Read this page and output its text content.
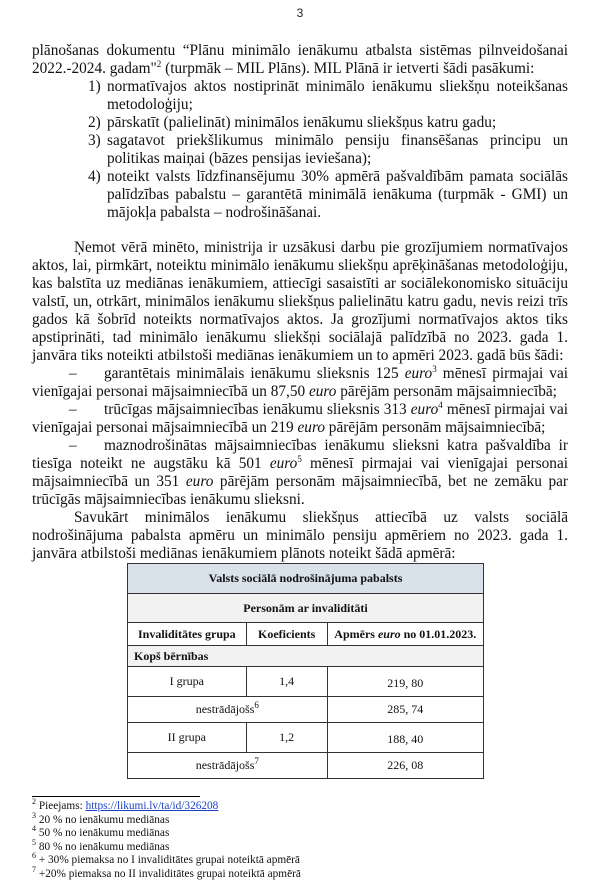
3

plānošanas dokumentu “Plānu minimālo ienākumu atbalsta sistēmas pilnveidošanai 2022.-2024. gadam"$^2$ (turpmāk – MIL Plāns). MIL Plānā ir ietverti šādi pasākumi:

1) normatīvajos aktos nostiprināt minimālo ienākumu sliekšņu noteikšanas metodoloģiju;
2) pārskatīt (palielināt) minimālos ienākumu sliekšņus katru gadu;
3) sagatavot priekšlikumus minimālo pensiju finansēšanas principu un politikas maiņai (bāzes pensijas ieviešana);
4) noteikt valsts līdzfinansējumu 30% apmērā pašvaldībām pamata sociālās palīdzības pabalstu – garantētā minimālā ienākuma (turpmāk - GMI) un mājokļa pabalsta – nodrošināšanai.

Ņemot vērā minēto, ministrija ir uzsākusi darbu pie grozījumiem normatīvajos aktos, lai, pirmkārt, noteiktu minimālo ienākumu sliekšņu aprēķināšanas metodoloģiju, kas balstīta uz mediānas ienākumiem, attiecīgi sasaistīti ar sociālekonomisko situāciju valstī, un, otrkārt, minimālos ienākumu sliekšņus palielinātu katru gadu, nevis reizi trīs gados kā šobrīd noteikts normatīvajos aktos. Ja grozījumi normatīvajos aktos tiks apstiprināti, tad minimālo ienākumu sliekšņi sociālajā palīdzībā no 2023. gada 1. janvāra tiks noteikti atbilstoši mediānas ienākumiem un to apmēri 2023. gadā būs šādi:

– garantētais minimālais ienākumu slieksnis 125 euro$^3$ mēnesī pirmajai vai vienīgajai personai mājsaimniecībā un 87,50 euro pārējām personām mājsaimniecībā;

– trūcīgas mājsaimniecības ienākumu slieksnis 313 euro$^4$ mēnesī pirmajai vai vienīgajai personai mājsaimniecībā un 219 euro pārējām personām mājsaimniecībā;

– maznodrošinātas mājsaimniecības ienākumu slieksni katra pašvaldība ir tiesīga noteikt ne augstāku kā 501 euro$^5$ mēnesī pirmajai vai vienīgajai personai mājsaimniecībā un 351 euro pārējām personām mājsaimniecībā, bet ne zemāku par trūcīgās mājsaimniecības ienākumu slieksni.

Savukārt minimālos ienākumu sliekšņus attiecībā uz valsts sociālā nodrošinājuma pabalsta apmēru un minimālo pensiju apmēriem no 2023. gada 1. janvāra atbilstoši mediānas ienākumiem plānots noteikt šādā apmērā:

Valsts sociālā nodrošinājuma pabalsts		
Personām ar invaliditāti		
Invaliditātes grupa	Koeficients	Apmērs euro no 01.01.2023.
Kopš bērnības		
I grupa	1,4	219, 80
nestrādājošs$^6$		285, 74
II grupa	1,2	188, 40
nestrādājošs$^7$		226, 08
$^2$ Pieejams: https://likumi.lv/ta/id/326208
$^3$ 20 % no ienākumu mediānas
$^4$ 50 % no ienākumu mediānas
$^5$ 80 % no ienākumu mediānas
$^6$ + 30% piemaksa no I invaliditātes grupai noteiktā apmērā
$^7$ +20% piemaksa no II invaliditātes grupai noteiktā apmērā
